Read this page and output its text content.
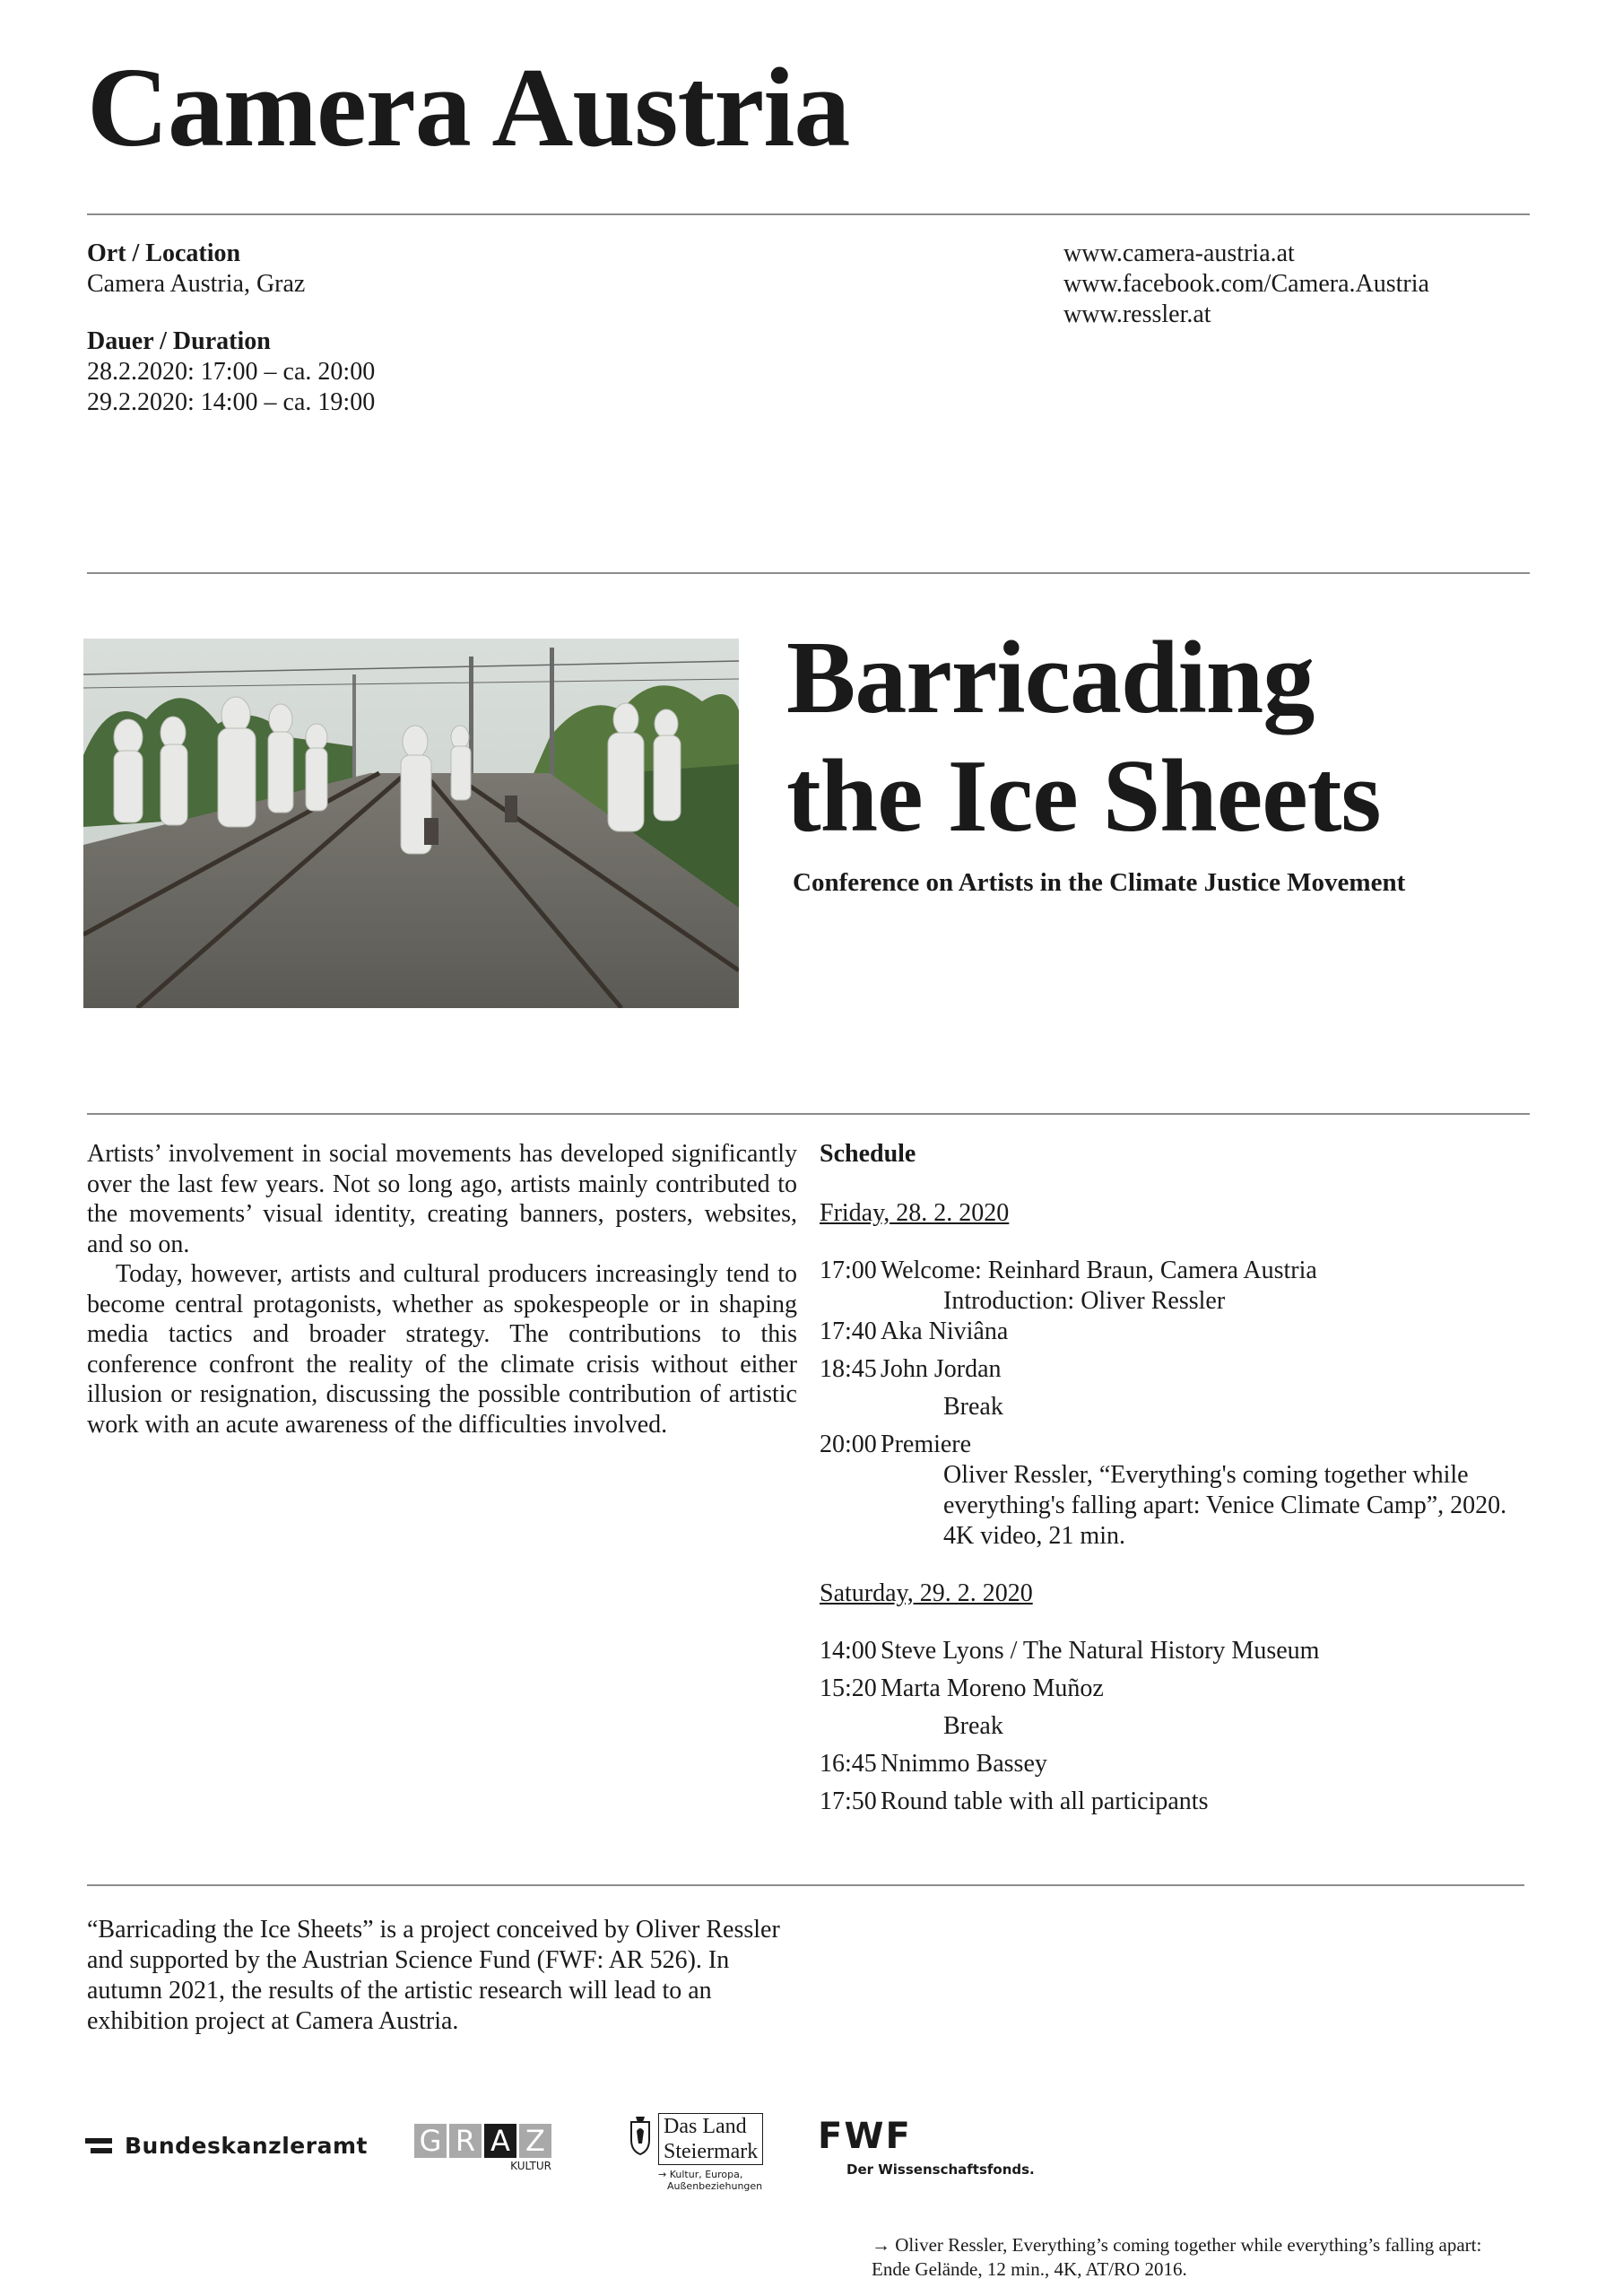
Camera Austria
Ort / Location
Camera Austria, Graz
Dauer / Duration
28.2.2020: 17:00 – ca. 20:00
29.2.2020: 14:00 – ca. 19:00
www.camera-austria.at
www.facebook.com/Camera.Austria
www.ressler.at
Barricading
the Ice Sheets
Conference on Artists in the Climate Justice Movement

Artists’ involvement in social movements has developed significantly over the last few years. Not so long ago, artists mainly contributed to the movements’ visual identity, creating banners, posters, websites, and so on.

Today, however, artists and cultural producers increasingly tend to become central protagonists, whether as spokespeople or in shaping media tactics and broader strategy. The contributions to this conference confront the reality of the climate crisis without either illusion or resignation, discussing the possible contribution of artistic work with an acute awareness of the difficulties involved.

Schedule
Friday, 28. 2. 2020
17:00 Welcome: Reinhard Braun, Camera Austria
Introduction: Oliver Ressler
17:40 Aka Niviâna
18:45 John Jordan
Break
20:00 Premiere
Oliver Ressler, “Everything's coming together while
everything's falling apart: Venice Climate Camp”, 2020.
4K video, 21 min.
Saturday, 29. 2. 2020
14:00 Steve Lyons / The Natural History Museum
15:20 Marta Moreno Muñoz
Break
16:45 Nnimmo Bassey
17:50 Round table with all participants
“Barricading the Ice Sheets” is a project conceived by Oliver Ressler and supported by the Austrian Science Fund (FWF: AR 526). In autumn 2021, the results of the artistic research will lead to an exhibition project at Camera Austria.
Bundeskanzleramt G R A Z
KULTUR
Das Land
Steiermark
→ Kultur, Europa,
Außenbeziehungen
FWF
Der Wissenschaftsfonds.
→ Oliver Ressler, Everything’s coming together while everything’s falling apart: Ende Gelände, 12 min., 4K, AT/RO 2016.
